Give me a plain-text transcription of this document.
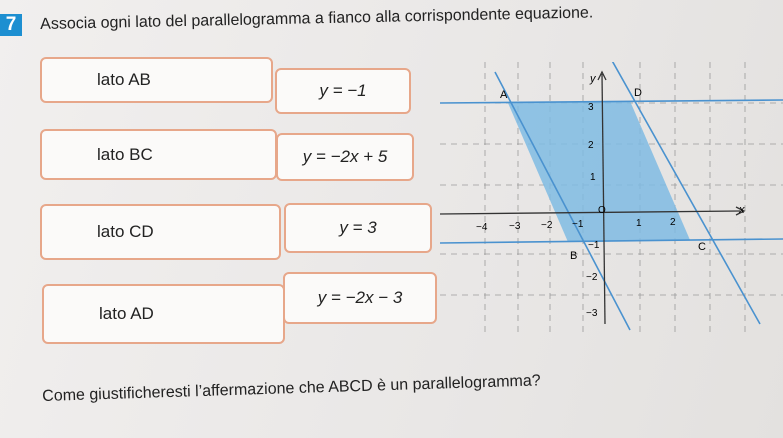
7	Associa ogni lato del parallelogramma a fianco alla corrispondente equazione.
lato AB
lato BC
lato CD
lato AD
y = −1
y = −2x + 5
y = 3
y = −2x − 3
x
y
O
−4 −3 −2 −1	1	2
3
2
1
−1
−2
−3
A
B
C
D
Come giustificheresti l’affermazione che ABCD è un parallelogramma?
